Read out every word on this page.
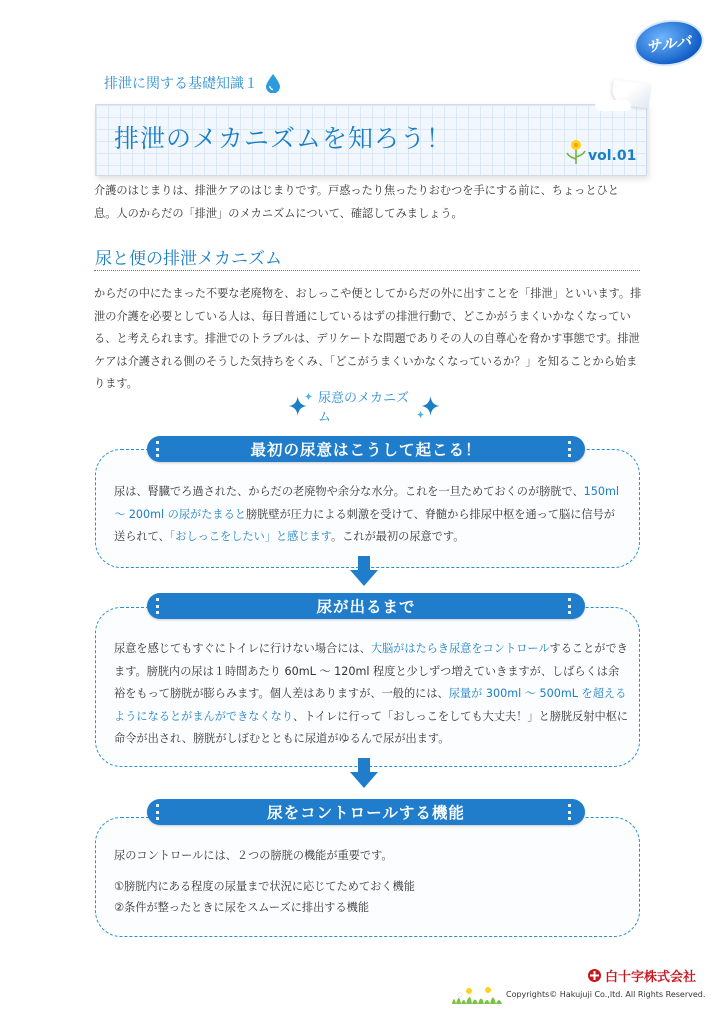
サルバ
排泄に関する基礎知識１
排泄のメカニズムを知ろう！
vol.01
介護のはじまりは、排泄ケアのはじまりです。戸惑ったり焦ったりおむつを手にする前に、ちょっとひと息。人のからだの「排泄」のメカニズムについて、確認してみましょう。
尿と便の排泄メカニズム
からだの中にたまった不要な老廃物を、おしっこや便としてからだの外に出すことを「排泄」といいます。排泄の介護を必要としている人は、毎日普通にしているはずの排泄行動で、どこかがうまくいかなくなっている、と考えられます。排泄でのトラブルは、デリケートな問題でありその人の自尊心を脅かす事態です。排泄ケアは介護される側のそうした気持ちをくみ、「どこがうまくいかなくなっているか？」を知ることから始まります。
尿意のメカニズム
最初の尿意はこうして起こる！
尿は、腎臓でろ過された、からだの老廃物や余分な水分。これを一旦ためておくのが膀胱で、150ml ～ 200ml の尿がたまると膀胱壁が圧力による刺激を受けて、脊髄から排尿中枢を通って脳に信号が送られて、「おしっこをしたい」と感じます。これが最初の尿意です。
尿が出るまで
尿意を感じてもすぐにトイレに行けない場合には、大脳がはたらき尿意をコントロールすることができます。膀胱内の尿は１時間あたり 60mL ～ 120ml 程度と少しずつ増えていきますが、しばらくは余裕をもって膀胱が膨らみます。個人差はありますが、一般的には、尿量が 300ml ～ 500mL を超えるようになるとがまんができなくなり、トイレに行って「おしっこをしても大丈夫！」と膀胱反射中枢に命令が出され、膀胱がしぼむとともに尿道がゆるんで尿が出ます。
尿をコントロールする機能
尿のコントロールには、２つの膀胱の機能が重要です。
①膀胱内にある程度の尿量まで状況に応じてためておく機能
②条件が整ったときに尿をスムーズに排出する機能
白十字株式会社
Copyrights© Hakujuji Co.,ltd. All Rights Reserved.
